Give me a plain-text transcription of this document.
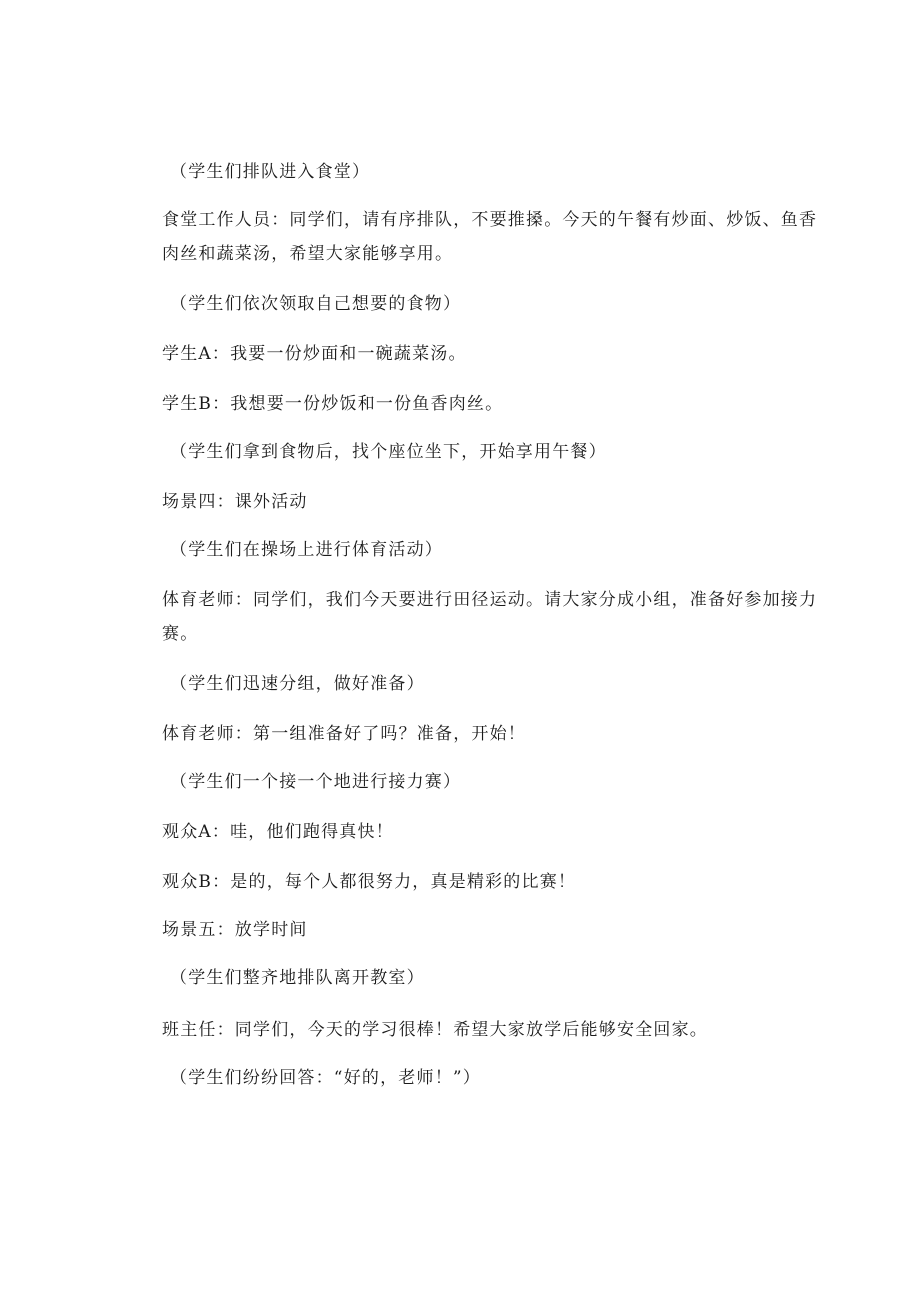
（学生们排队进入食堂）

食堂工作人员：同学们，请有序排队，不要推搡。今天的午餐有炒面、炒饭、鱼香

肉丝和蔬菜汤，希望大家能够享用。

（学生们依次领取自己想要的食物）

学生A：我要一份炒面和一碗蔬菜汤。

学生B：我想要一份炒饭和一份鱼香肉丝。

（学生们拿到食物后，找个座位坐下，开始享用午餐）

场景四：课外活动

（学生们在操场上进行体育活动）

体育老师：同学们，我们今天要进行田径运动。请大家分成小组，准备好参加接力

赛。

（学生们迅速分组，做好准备）

体育老师：第一组准备好了吗？准备，开始！

（学生们一个接一个地进行接力赛）

观众A：哇，他们跑得真快！

观众B：是的，每个人都很努力，真是精彩的比赛！

场景五：放学时间

（学生们整齐地排队离开教室）

班主任：同学们，今天的学习很棒！希望大家放学后能够安全回家。

（学生们纷纷回答：“好的，老师！”）
